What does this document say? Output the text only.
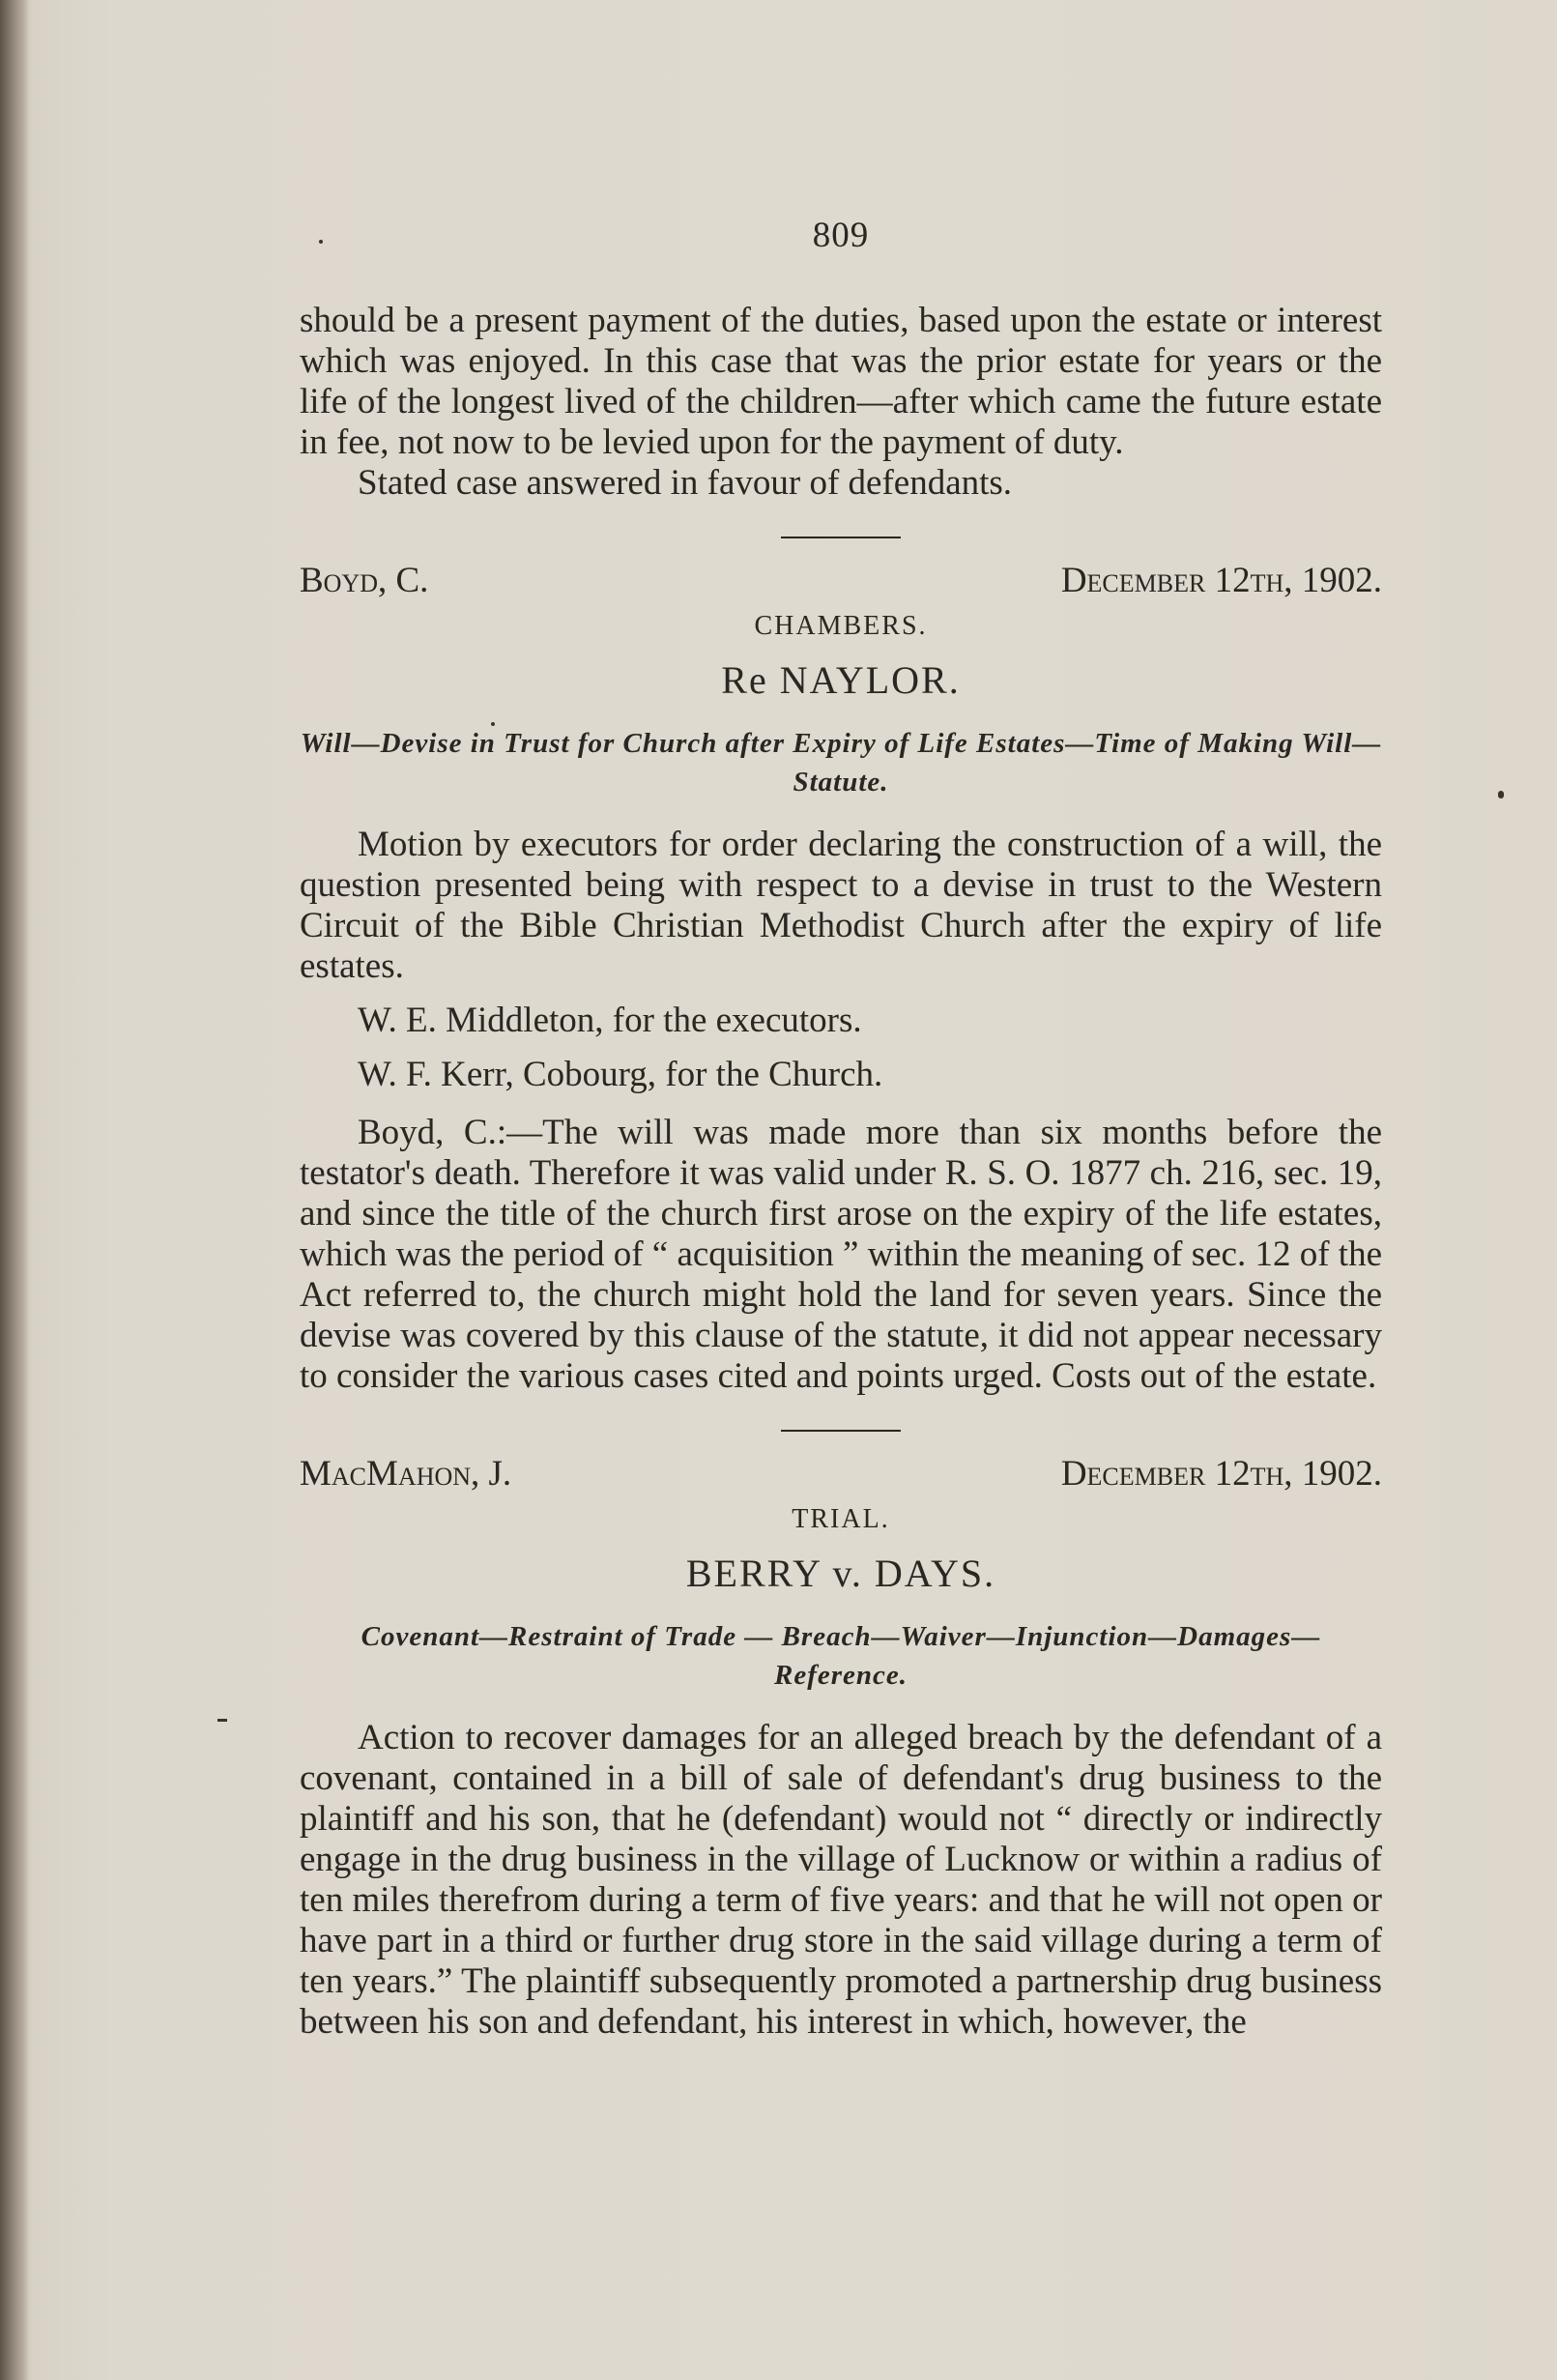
809

should be a present payment of the duties, based upon the estate or interest which was enjoyed. In this case that was the prior estate for years or the life of the longest lived of the children—after which came the future estate in fee, not now to be levied upon for the payment of duty.

Stated case answered in favour of defendants.

Boyd, C.	December 12th, 1902.
CHAMBERS.
Re NAYLOR.
Will—Devise in Trust for Church after Expiry of Life Estates—Time of Making Will—Statute.

Motion by executors for order declaring the construction of a will, the question presented being with respect to a devise in trust to the Western Circuit of the Bible Christian Methodist Church after the expiry of life estates.

W. E. Middleton, for the executors.

W. F. Kerr, Cobourg, for the Church.

Boyd, C.:—The will was made more than six months before the testator's death. Therefore it was valid under R. S. O. 1877 ch. 216, sec. 19, and since the title of the church first arose on the expiry of the life estates, which was the period of “ acquisition ” within the meaning of sec. 12 of the Act referred to, the church might hold the land for seven years. Since the devise was covered by this clause of the statute, it did not appear necessary to consider the various cases cited and points urged. Costs out of the estate.

MacMahon, J.	December 12th, 1902.
TRIAL.
BERRY v. DAYS.
Covenant—Restraint of Trade — Breach—Waiver—Injunction—Damages—Reference.

Action to recover damages for an alleged breach by the defendant of a covenant, contained in a bill of sale of defendant's drug business to the plaintiff and his son, that he (defendant) would not “ directly or indirectly engage in the drug business in the village of Lucknow or within a radius of ten miles therefrom during a term of five years: and that he will not open or have part in a third or further drug store in the said village during a term of ten years.” The plaintiff subsequently promoted a partnership drug business between his son and defendant, his interest in which, however, the
